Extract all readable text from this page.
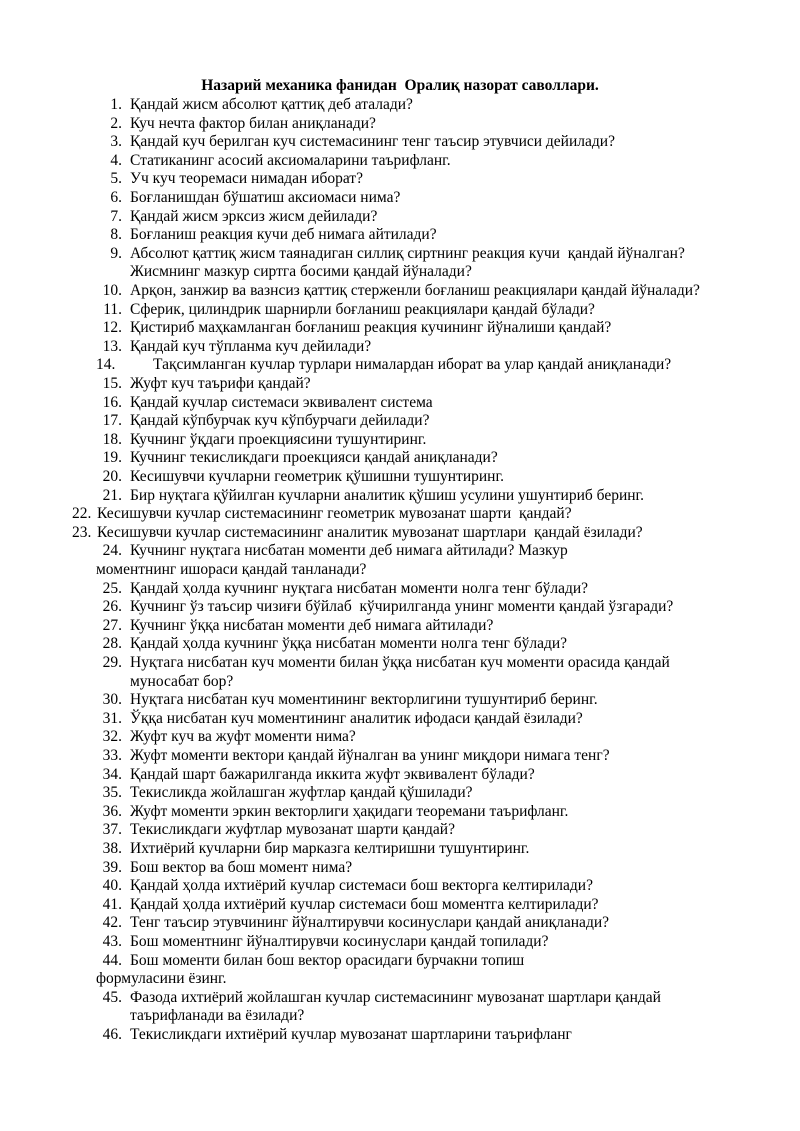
Назарий механика фанидан  Оралиқ назорат саволлари.
1. Қандай жисм абсолют қаттиқ деб аталади?
2. Куч нечта фактор билан аниқланади?
3. Қандай куч берилган куч системасининг тенг таъсир этувчиси дейилади?
4. Статиканинг асосий аксиомаларини таърифланг.
5. Уч куч теоремаси нимадан иборат?
6. Боғланишдан бўшатиш аксиомаси нима?
7. Қандай жисм эрксиз жисм дейилади?
8. Боғланиш реакция кучи деб нимага айтилади?
9. Абсолют қаттиқ жисм таянадиган силлиқ сиртнинг реакция кучи  қандай йўналган?
Жисмнинг мазкур сиртга босими қандай йўналади?
10. Арқон, занжир ва вазнсиз қаттиқ стерженли боғланиш реакциялари қандай йўналади?
11. Сферик, цилиндрик шарнирли боғланиш реакциялари қандай бўлади?
12. Қистириб маҳкамланган боғланиш реакция кучининг йўналиши қандай?
13. Қандай куч тўпланма куч дейилади?
14. Тақсимланган кучлар турлари нималардан иборат ва улар қандай аниқланади?
15. Жуфт куч таърифи қандай?
16. Қандай кучлар системаси эквивалент система
17. Қандай кўпбурчак куч кўпбурчаги дейилади?
18. Кучнинг ўқдаги проекциясини тушунтиринг.
19. Кучнинг текисликдаги проекцияси қандай аниқланади?
20. Кесишувчи кучларни геометрик қўшишни тушунтиринг.
21. Бир нуқтага қўйилган кучларни аналитик қўшиш усулини ушунтириб беринг.
22. Кесишувчи кучлар системасининг геометрик мувозанат шарти  қандай?
23. Кесишувчи кучлар системасининг аналитик мувозанат шартлари  қандай ёзилади?
24. Кучнинг нуқтага нисбатан моменти деб нимага айтилади? Мазкур
моментнинг ишораси қандай танланади?
25. Қандай ҳолда кучнинг нуқтага нисбатан моменти нолга тенг бўлади?
26. Кучнинг ўз таъсир чизиғи бўйлаб  кўчирилганда унинг моменти қандай ўзгаради?
27. Кучнинг ўққа нисбатан моменти деб нимага айтилади?
28. Қандай ҳолда кучнинг ўққа нисбатан моменти нолга тенг бўлади?
29. Нуқтага нисбатан куч моменти билан ўққа нисбатан куч моменти орасида қандай
муносабат бор?
30. Нуқтага нисбатан куч моментининг векторлигини тушунтириб беринг.
31. Ўққа нисбатан куч моментининг аналитик ифодаси қандай ёзилади?
32. Жуфт куч ва жуфт моменти нима?
33. Жуфт моменти вектори қандай йўналган ва унинг миқдори нимага тенг?
34. Қандай шарт бажарилганда иккита жуфт эквивалент бўлади?
35. Текисликда жойлашган жуфтлар қандай қўшилади?
36. Жуфт моменти эркин векторлиги ҳақидаги теоремани таърифланг.
37. Текисликдаги жуфтлар мувозанат шарти қандай?
38. Ихтиёрий кучларни бир марказга келтиришни тушунтиринг.
39. Бош вектор ва бош момент нима?
40. Қандай ҳолда ихтиёрий кучлар системаси бош векторга келтирилади?
41. Қандай ҳолда ихтиёрий кучлар системаси бош моментга келтирилади?
42. Тенг таъсир этувчининг йўналтирувчи косинуслари қандай аниқланади?
43. Бош моментнинг йўналтирувчи косинуслари қандай топилади?
44. Бош моменти билан бош вектор орасидаги бурчакни топиш
формуласини ёзинг.
45. Фазода ихтиёрий жойлашган кучлар системасининг мувозанат шартлари қандай
таърифланади ва ёзилади?
46. Текисликдаги ихтиёрий кучлар мувозанат шартларини таърифланг
